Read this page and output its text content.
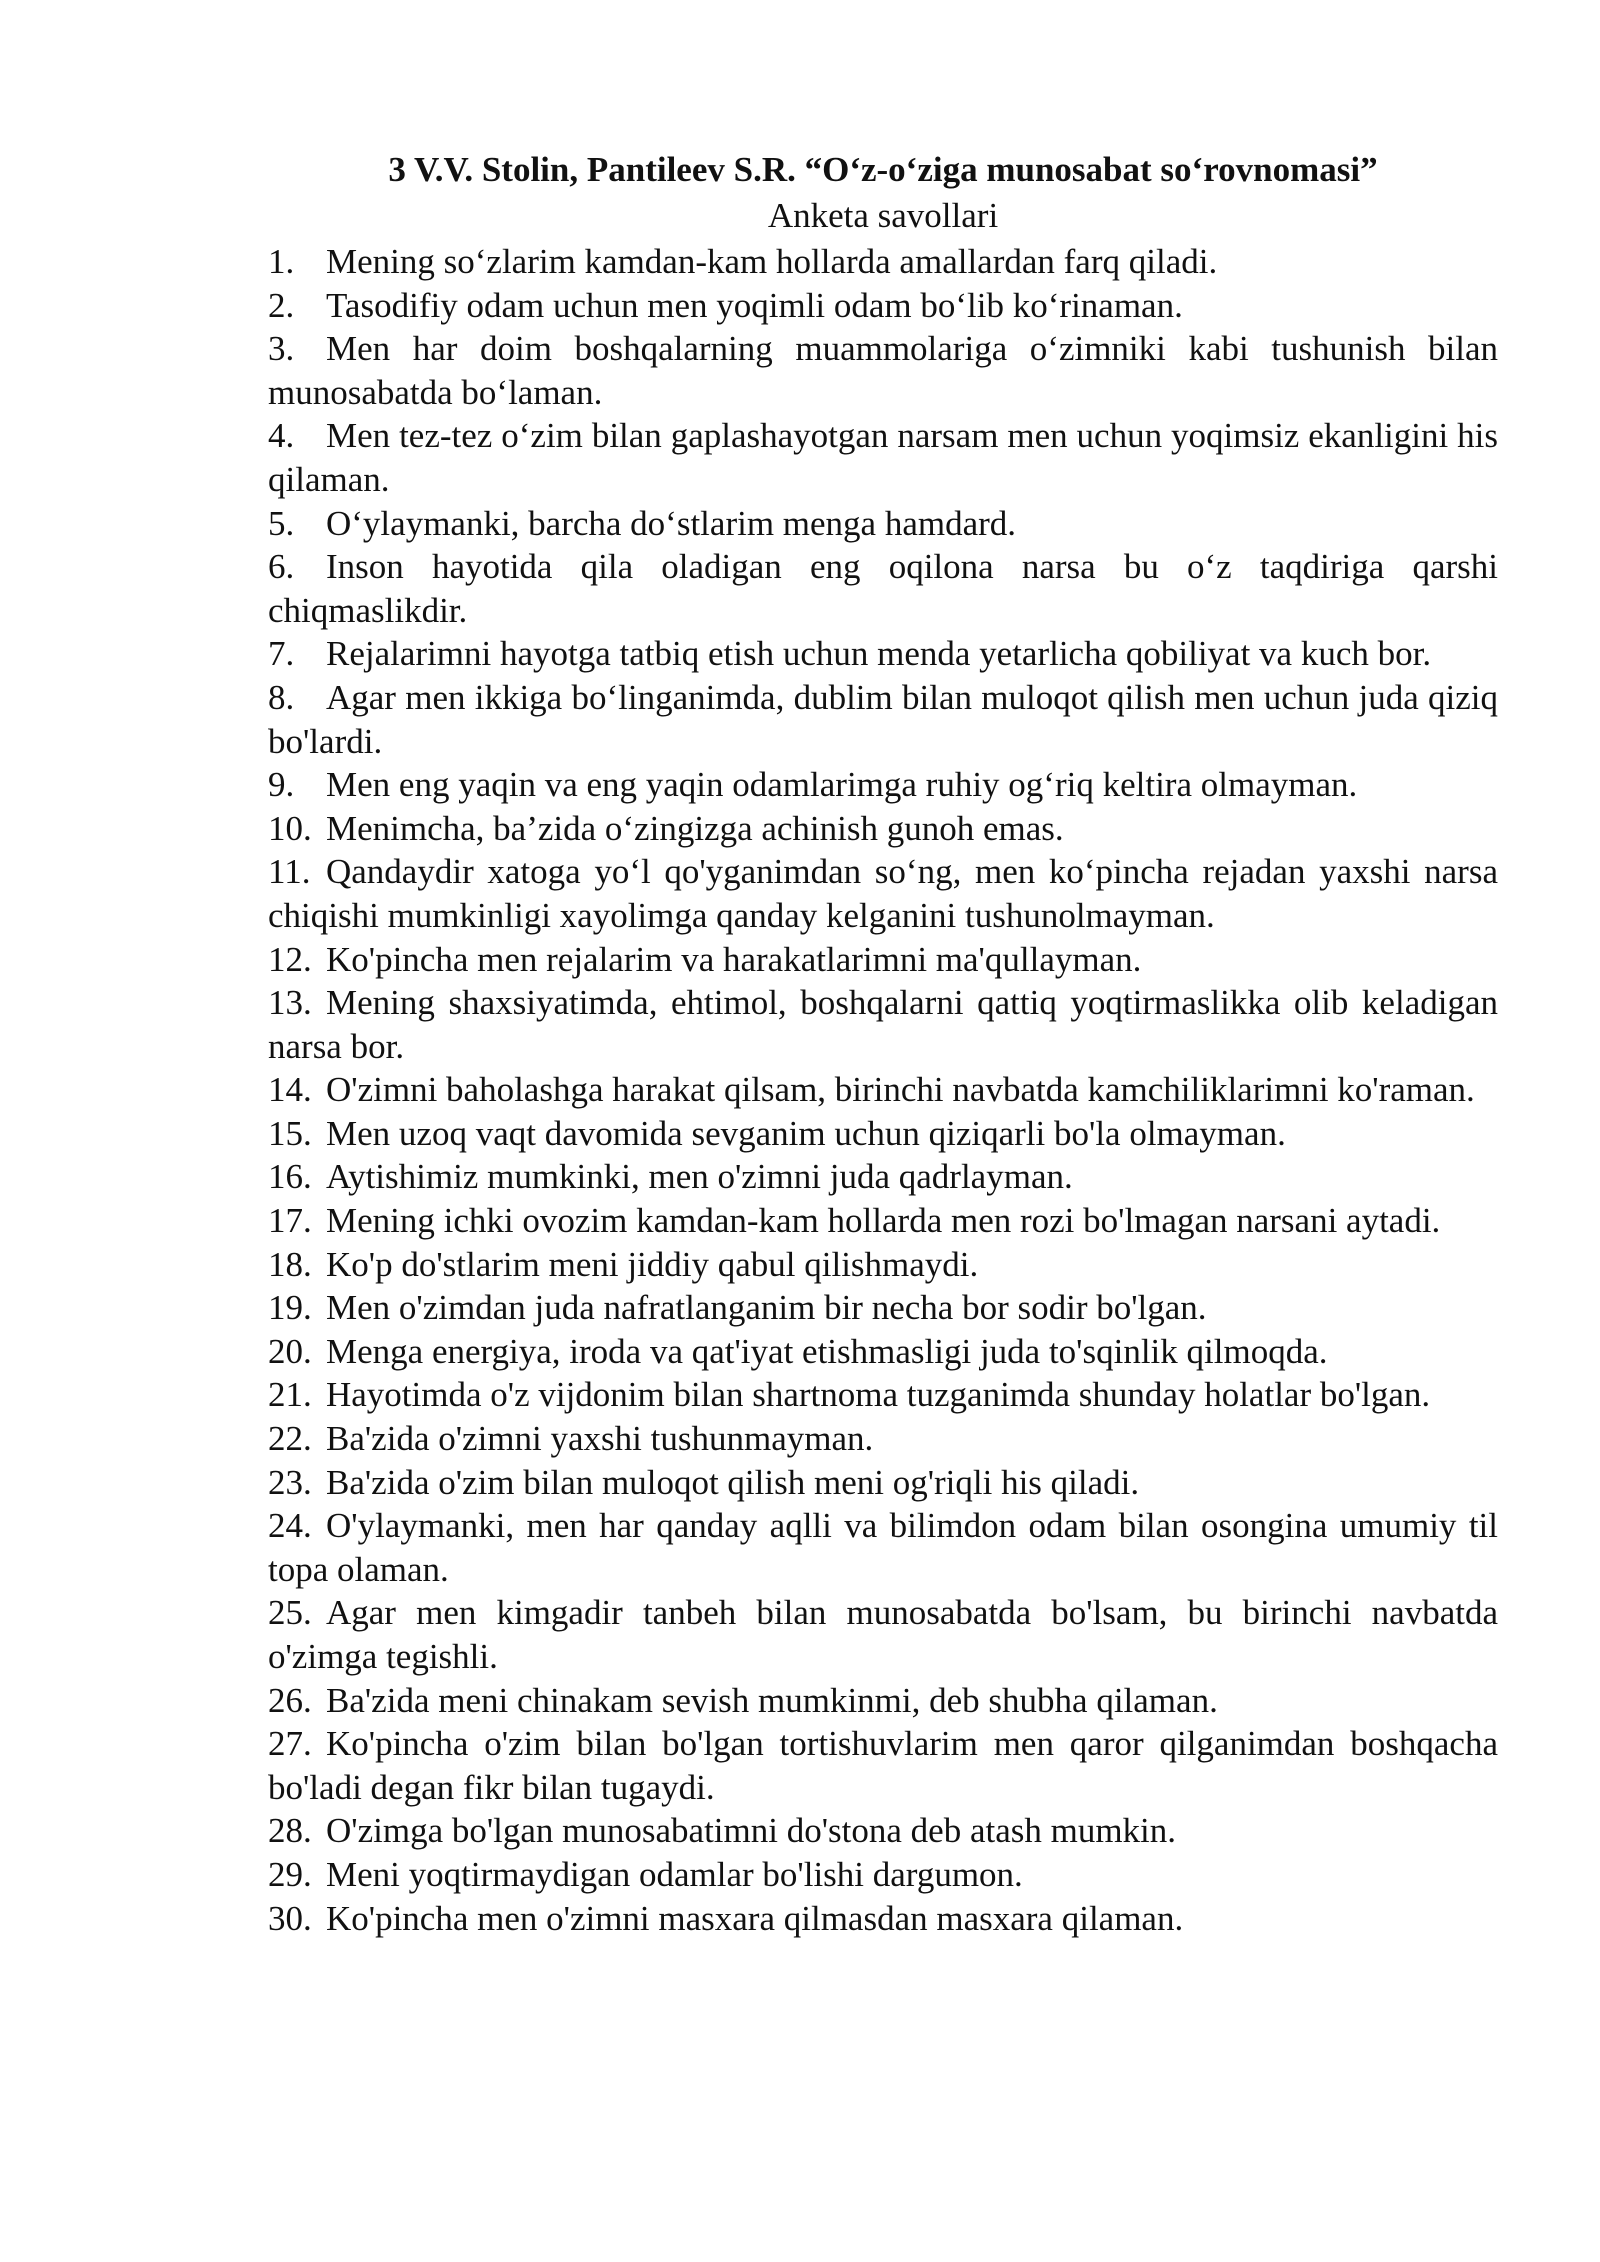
3 V.V. Stolin, Pantileev S.R. “O‘z-o‘ziga munosabat so‘rovnomasi”
Anketa savollari
1. Mening so‘zlarim kamdan-kam hollarda amallardan farq qiladi.
2. Tasodifiy odam uchun men yoqimli odam bo‘lib ko‘rinaman.
3. Men har doim boshqalarning muammolariga o‘zimniki kabi tushunish bilan munosabatda bo‘laman.
4. Men tez-tez o‘zim bilan gaplashayotgan narsam men uchun yoqimsiz ekanligini his qilaman.
5. O‘ylaymanki, barcha do‘stlarim menga hamdard.
6. Inson hayotida qila oladigan eng oqilona narsa bu o‘z taqdiriga qarshi chiqmaslikdir.
7. Rejalarimni hayotga tatbiq etish uchun menda yetarlicha qobiliyat va kuch bor.
8. Agar men ikkiga bo‘linganimda, dublim bilan muloqot qilish men uchun juda qiziq bo'lardi.
9. Men eng yaqin va eng yaqin odamlarimga ruhiy og‘riq keltira olmayman.
10. Menimcha, ba’zida o‘zingizga achinish gunoh emas.
11. Qandaydir xatoga yo‘l qo'yganimdan so‘ng, men ko‘pincha rejadan yaxshi narsa chiqishi mumkinligi xayolimga qanday kelganini tushunolmayman.
12. Ko'pincha men rejalarim va harakatlarimni ma'qullayman.
13. Mening shaxsiyatimda, ehtimol, boshqalarni qattiq yoqtirmaslikka olib keladigan narsa bor.
14. O'zimni baholashga harakat qilsam, birinchi navbatda kamchiliklarimni ko'raman.
15. Men uzoq vaqt davomida sevganim uchun qiziqarli bo'la olmayman.
16. Aytishimiz mumkinki, men o'zimni juda qadrlayman.
17. Mening ichki ovozim kamdan-kam hollarda men rozi bo'lmagan narsani aytadi.
18. Ko'p do'stlarim meni jiddiy qabul qilishmaydi.
19. Men o'zimdan juda nafratlanganim bir necha bor sodir bo'lgan.
20. Menga energiya, iroda va qat'iyat etishmasligi juda to'sqinlik qilmoqda.
21. Hayotimda o'z vijdonim bilan shartnoma tuzganimda shunday holatlar bo'lgan.
22. Ba'zida o'zimni yaxshi tushunmayman.
23. Ba'zida o'zim bilan muloqot qilish meni og'riqli his qiladi.
24. O'ylaymanki, men har qanday aqlli va bilimdon odam bilan osongina umumiy til topa olaman.
25. Agar men kimgadir tanbeh bilan munosabatda bo'lsam, bu birinchi navbatda o'zimga tegishli.
26. Ba'zida meni chinakam sevish mumkinmi, deb shubha qilaman.
27. Ko'pincha o'zim bilan bo'lgan tortishuvlarim men qaror qilganimdan boshqacha bo'ladi degan fikr bilan tugaydi.
28. O'zimga bo'lgan munosabatimni do'stona deb atash mumkin.
29. Meni yoqtirmaydigan odamlar bo'lishi dargumon.
30. Ko'pincha men o'zimni masxara qilmasdan masxara qilaman.
